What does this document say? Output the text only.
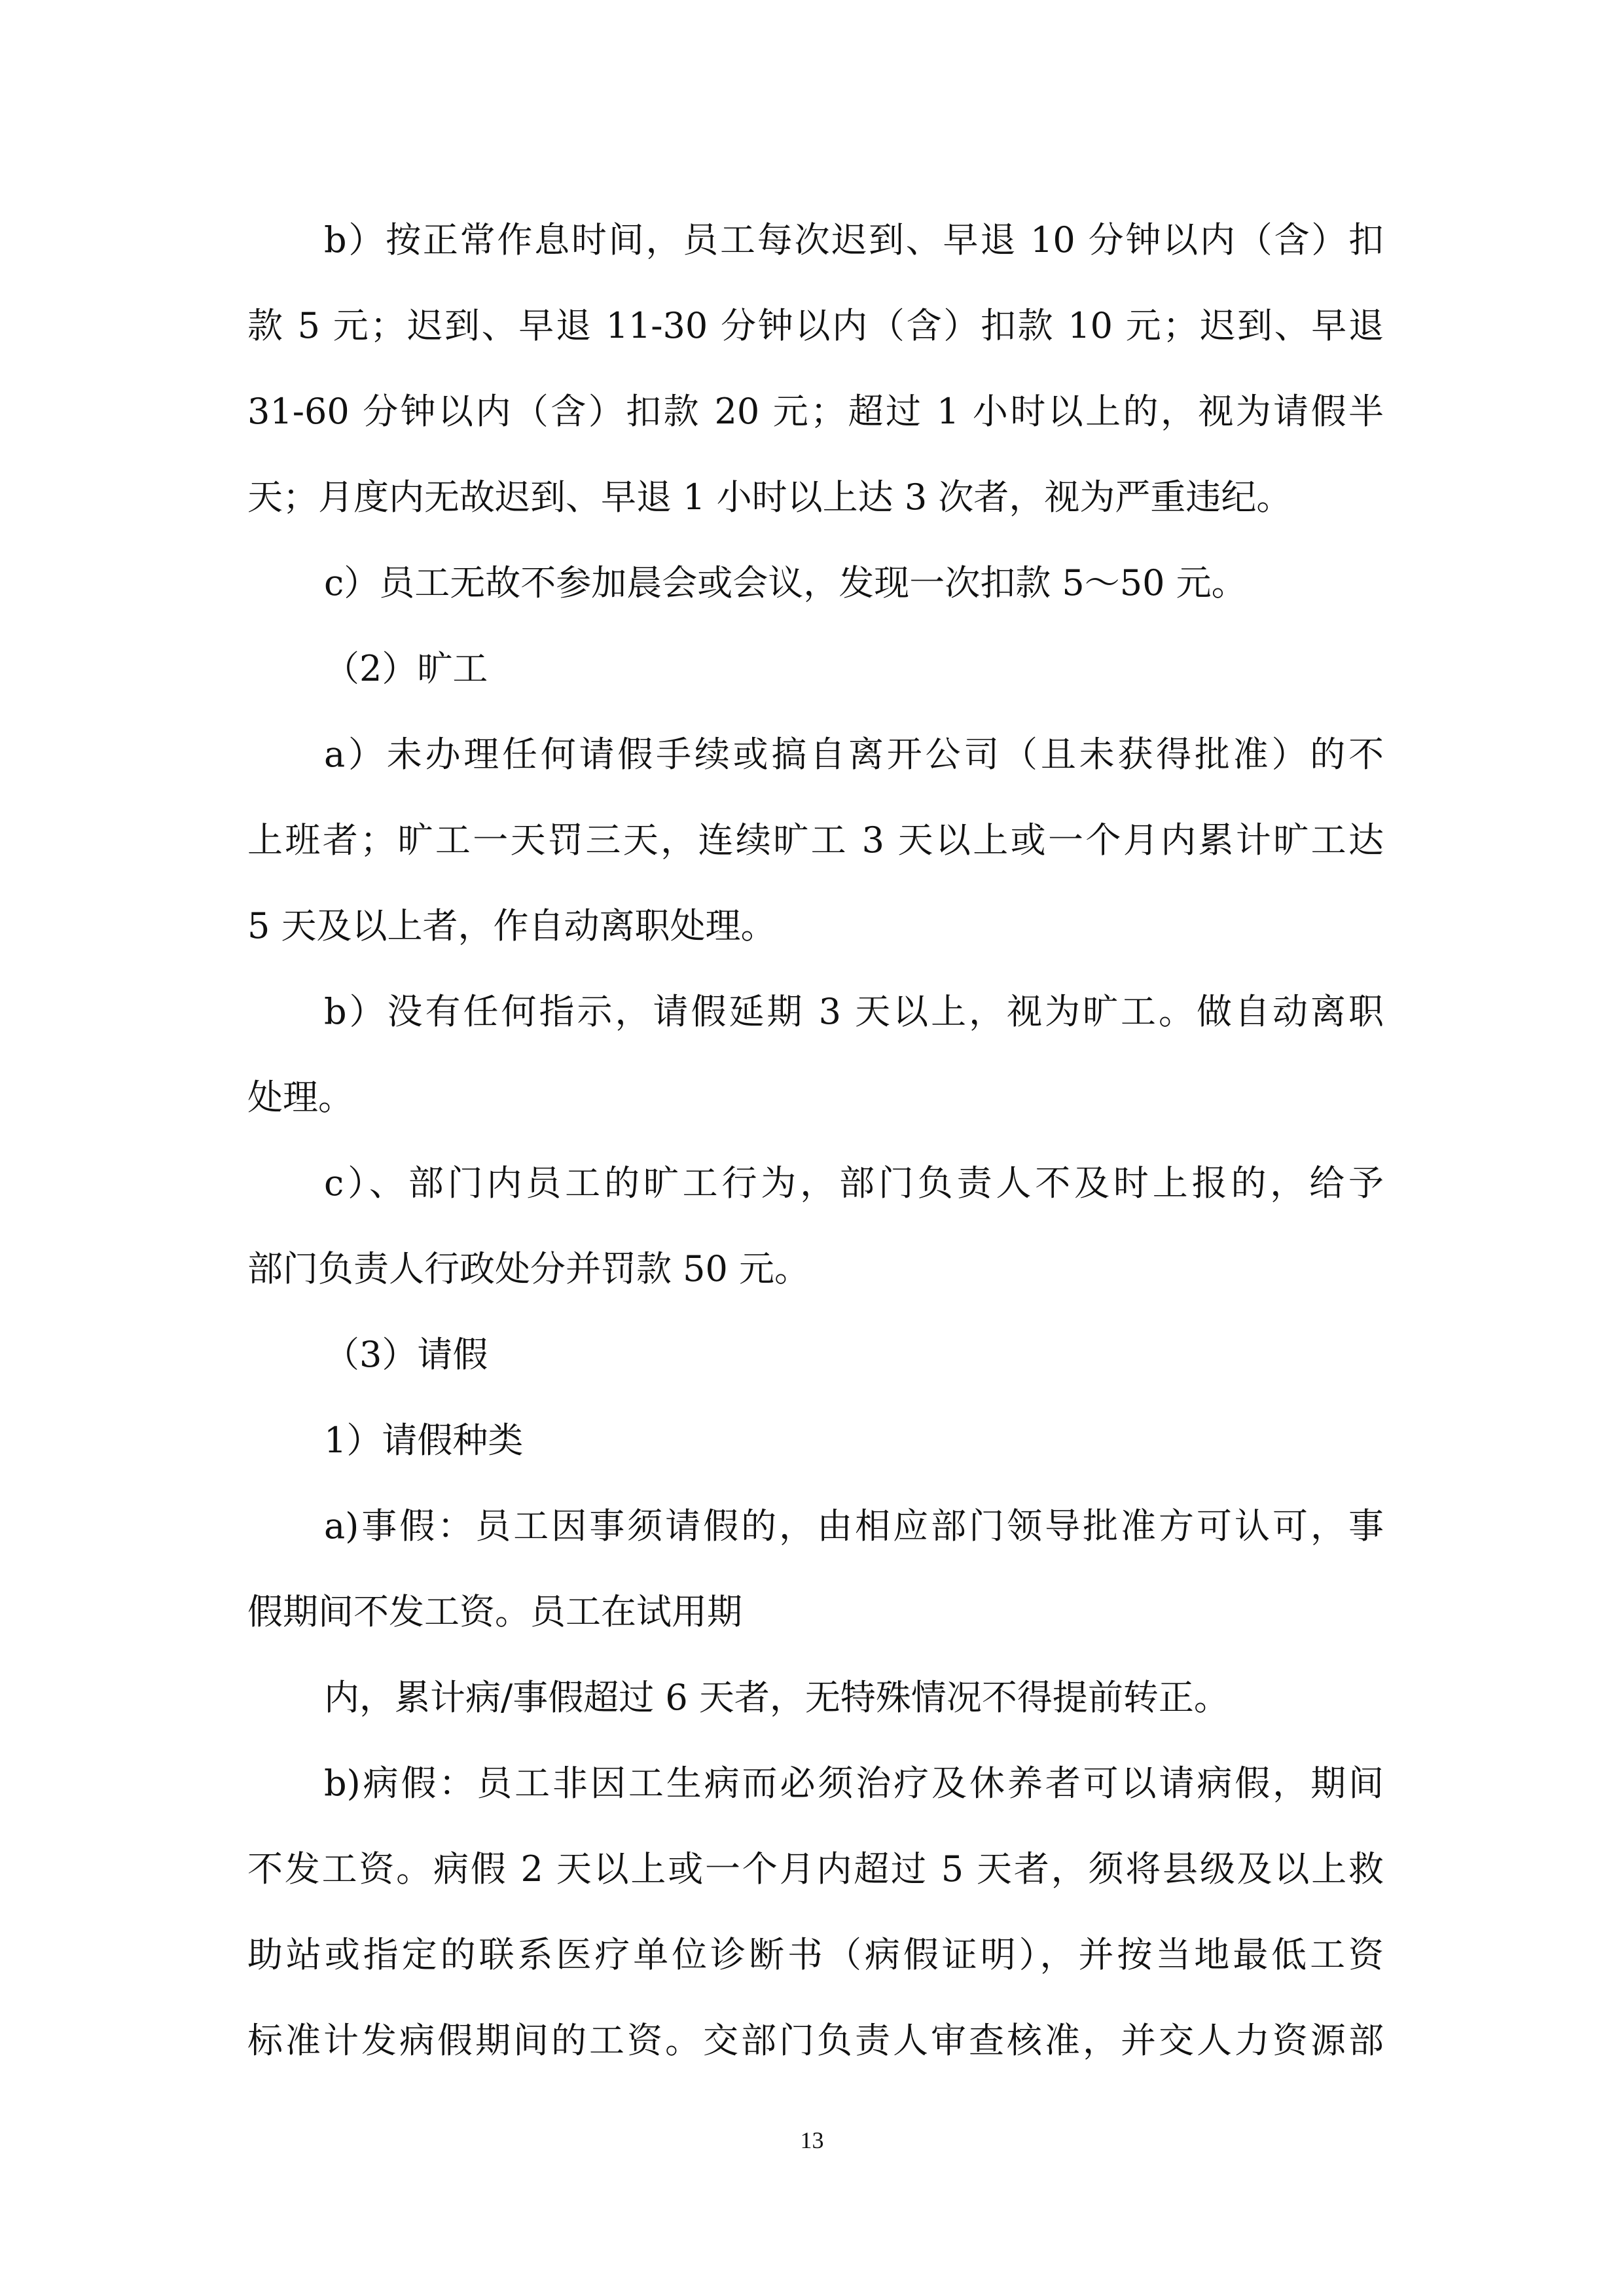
b）按正常作息时间，员工每次迟到、早退 10 分钟以内（含）扣
款 5 元；迟到、早退 11-30 分钟以内（含）扣款 10 元；迟到、早退
31-60 分钟以内（含）扣款 20 元；超过 1 小时以上的，视为请假半
天；月度内无故迟到、早退 1 小时以上达 3 次者，视为严重违纪。
c）员工无故不参加晨会或会议，发现一次扣款 5～50 元。
（2）旷工
a）未办理任何请假手续或搞自离开公司（且未获得批准）的不
上班者；旷工一天罚三天，连续旷工 3 天以上或一个月内累计旷工达
5 天及以上者，作自动离职处理。
b）没有任何指示，请假延期 3 天以上，视为旷工。做自动离职
处理。
c）、部门内员工的旷工行为，部门负责人不及时上报的，给予
部门负责人行政处分并罚款 50 元。
（3）请假
1）请假种类
a)事假：员工因事须请假的，由相应部门领导批准方可认可，事
假期间不发工资。员工在试用期
内，累计病/事假超过 6 天者，无特殊情况不得提前转正。
b)病假：员工非因工生病而必须治疗及休养者可以请病假，期间
不发工资。病假 2 天以上或一个月内超过 5 天者，须将县级及以上救
助站或指定的联系医疗单位诊断书（病假证明），并按当地最低工资
标准计发病假期间的工资。交部门负责人审查核准，并交人力资源部
13
